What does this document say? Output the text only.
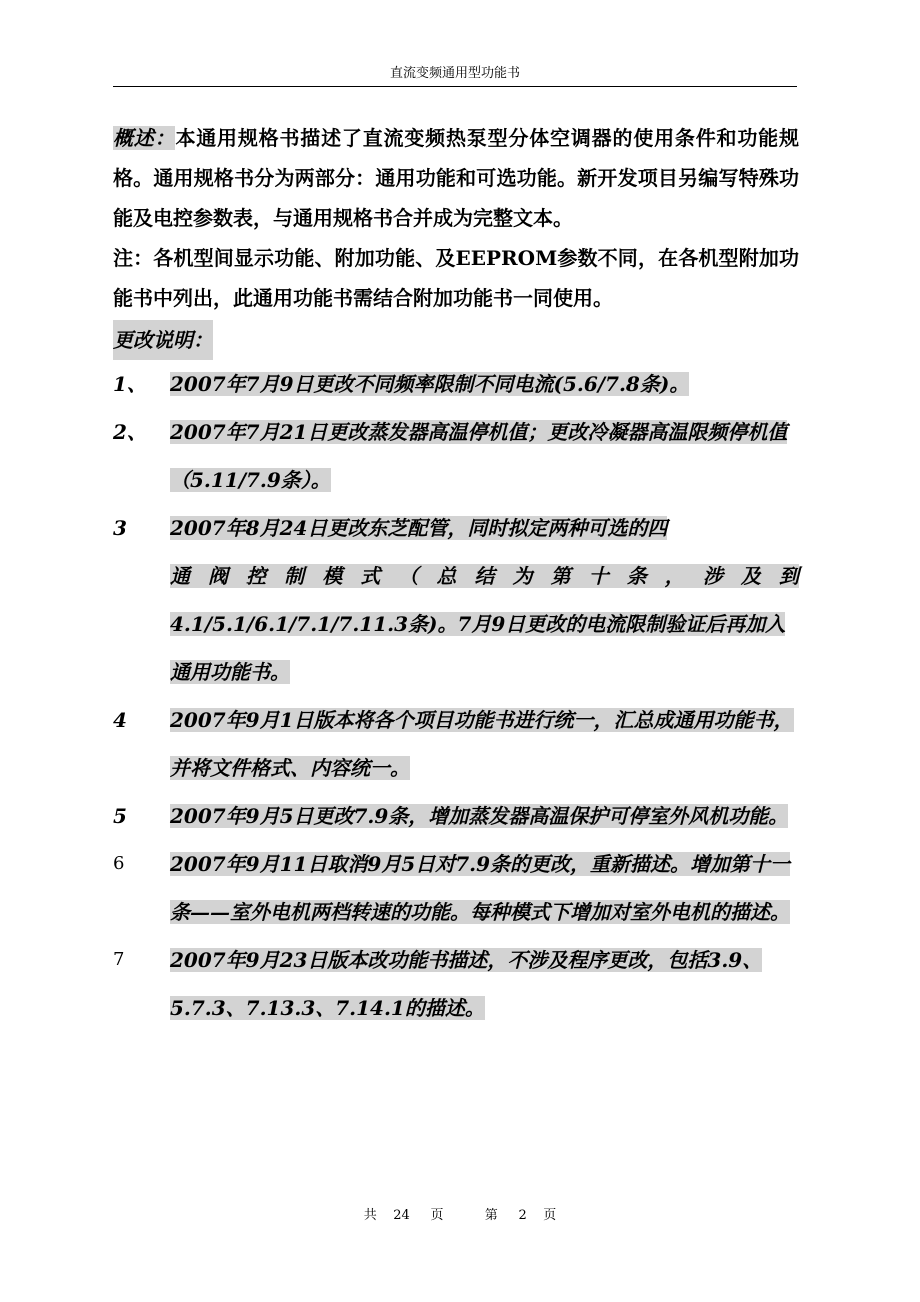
直流变频通用型功能书
概述：本通用规格书描述了直流变频热泵型分体空调器的使用条件和功能规格。通用规格书分为两部分：通用功能和可选功能。新开发项目另编写特殊功能及电控参数表，与通用规格书合并成为完整文本。
注：各机型间显示功能、附加功能、及EEPROM参数不同，在各机型附加功能书中列出，此通用功能书需结合附加功能书一同使用。
更改说明：
1、	2007年7月9日更改不同频率限制不同电流(5.6/7.8条)。
2、	2007年7月21日更改蒸发器高温停机值；更改冷凝器高温限频停机值（5.11/7.9条）。
3	2007年8月24日更改东芝配管，同时拟定两种可选的四
通阀控制模式（总结为第十条，涉及到
4.1/5.1/6.1/7.1/7.11.3条)。7月9日更改的电流限制验证后再加入通用功能书。
4	2007年9月1日版本将各个项目功能书进行统一，汇总成通用功能书，并将文件格式、内容统一。
5	2007年9月5日更改7.9条，增加蒸发器高温保护可停室外风机功能。
6	2007年9月11日取消9月5日对7.9条的更改，重新描述。增加第十一条——室外电机两档转速的功能。每种模式下增加对室外电机的描述。
7	2007年9月23日版本改功能书描述，不涉及程序更改，包括3.9、5.7.3、7.13.3、7.14.1的描述。
共 24 页	第 2 页
